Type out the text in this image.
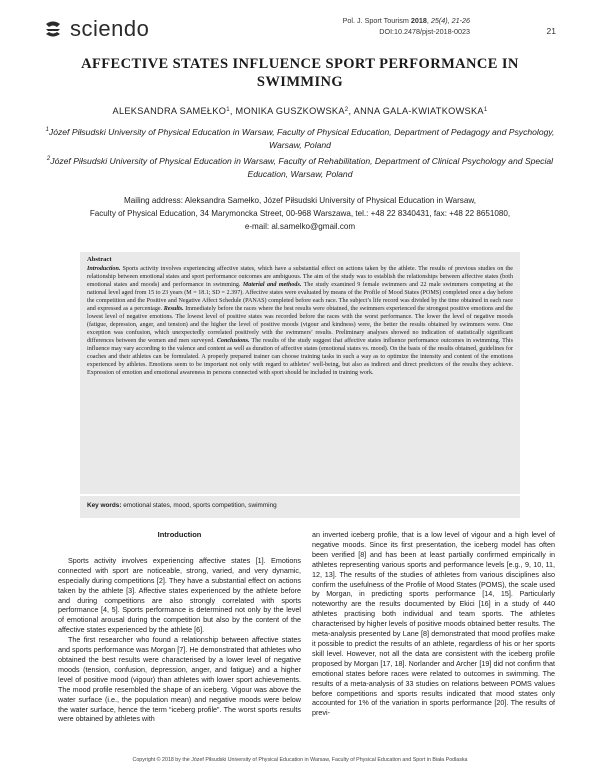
sciendo	Pol. J. Sport Tourism 2018, 25(4), 21-26
DOI:10.2478/pjst-2018-0023	21
AFFECTIVE STATES INFLUENCE SPORT PERFORMANCE IN SWIMMING
ALEKSANDRA SAMEŁKO$^1$, MONIKA GUSZKOWSKA$^2$, ANNA GALA-KWIATKOWSKA$^1$
$^1$Józef Piłsudski University of Physical Education in Warsaw, Faculty of Physical Education, Department of Pedagogy and Psychology, Warsaw, Poland
$^2$Józef Piłsudski University of Physical Education in Warsaw, Faculty of Rehabilitation, Department of Clinical Psychology and Special Education, Warsaw, Poland
Mailing address: Aleksandra Samełko, Józef Piłsudski University of Physical Education in Warsaw,
Faculty of Physical Education, 34 Marymoncka Street, 00-968 Warszawa, tel.: +48 22 8340431, fax: +48 22 8651080,
e-mail: al.samelko@gmail.com
Abstract
Introduction. Sports activity involves experiencing affective states, which have a substantial effect on actions taken by the athlete. The results of previous studies on the relationship between emotional states and sport performance outcomes are ambiguous. The aim of the study was to establish the relationships between affective states (both emotional states and moods) and performance in swimming. Material and methods. The study examined 9 female swimmers and 22 male swimmers competing at the national level aged from 15 to 23 years (M = 18.1; SD = 2.397). Affective states were evaluated by means of the Profile of Mood States (POMS) completed once a day before the competition and the Positive and Negative Affect Schedule (PANAS) completed before each race. The subject’s life record was divided by the time obtained in each race and expressed as a percentage. Results. Immediately before the races where the best results were obtained, the swimmers experienced the strongest positive emotions and the lowest level of negative emotions. The lowest level of positive states was recorded before the races with the worst performance. The lower the level of negative moods (fatigue, depression, anger, and tension) and the higher the level of positive moods (vigour and kindness) were, the better the results obtained by swimmers were. One exception was confusion, which unexpectedly correlated positively with the swimmers’ results. Preliminary analyses showed no indication of statistically significant differences between the women and men surveyed. Conclusions. The results of the study suggest that affective states influence performance outcomes in swimming. This influence may vary according to the valence and content as well as duration of affective states (emotional states vs. mood). On the basis of the results obtained, guidelines for coaches and their athletes can be formulated. A properly prepared trainer can choose training tasks in such a way as to optimize the intensity and content of the emotions experienced by athletes. Emotions seem to be important not only with regard to athletes’ well-being, but also as indirect and direct predictors of the results they achieve. Expression of emotion and emotional awareness in persons connected with sport should be included in training work.
Key words: emotional states, mood, sports competition, swimming
Introduction

Sports activity involves experiencing affective states [1]. Emotions connected with sport are noticeable, strong, varied, and very dynamic, especially during competitions [2]. They have a substantial effect on actions taken by the athlete [3]. Affective states experienced by the athlete before and during competitions are also strongly correlated with sports performance [4, 5]. Sports performance is determined not only by the level of emotional arousal during the competition but also by the content of the affective states experienced by the athlete [6].

The first researcher who found a relationship between affective states and sports performance was Morgan [7]. He demonstrated that athletes who obtained the best results were characterised by a lower level of negative moods (tension, confusion, depression, anger, and fatigue) and a higher level of positive mood (vigour) than athletes with lower sport achievements. The mood profile resembled the shape of an iceberg. Vigour was above the water surface (i.e., the population mean) and negative moods were below the water surface, hence the term “iceberg profile”. The worst sports results were obtained by athletes with

an inverted iceberg profile, that is a low level of vigour and a high level of negative moods. Since its first presentation, the iceberg model has often been verified [8] and has been at least partially confirmed empirically in athletes representing various sports and performance levels [e.g., 9, 10, 11, 12, 13]. The results of the studies of athletes from various disciplines also confirm the usefulness of the Profile of Mood States (POMS), the scale used by Morgan, in predicting sports performance [14, 15]. Particularly noteworthy are the results documented by Ekici [16] in a study of 440 athletes practising both individual and team sports. The athletes characterised by higher levels of positive moods obtained better results. The meta-analysis presented by Lane [8] demonstrated that mood profiles make it possible to predict the results of an athlete, regardless of his or her sports skill level. However, not all the data are consistent with the iceberg profile proposed by Morgan [17, 18]. Norlander and Archer [19] did not confirm that emotional states before races were related to outcomes in swimming. The results of a meta-analysis of 33 studies on relations between POMS values before competitions and sports results indicated that mood states only accounted for 1% of the variation in sports performance [20]. The results of previ-

Copyright © 2018 by the Józef Piłsudski University of Physical Education in Warsaw, Faculty of Physical Education and Sport in Biała Podlaska
